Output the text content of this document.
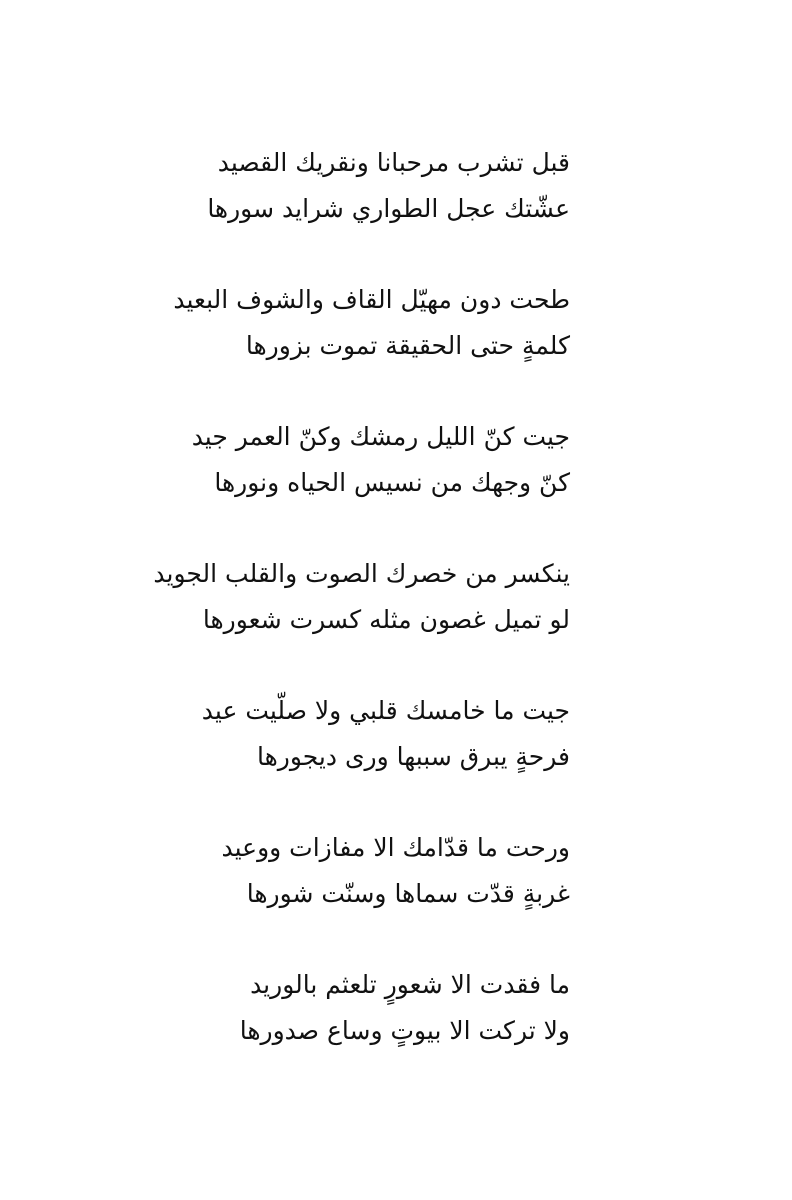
قبل تشرب مرحبانا ونقريك القصيد
عشّتك عجل الطواري شرايد سورها
طحت دون مهيّل القاف والشوف البعيد
كلمةٍ حتى الحقيقة تموت بزورها
جيت كنّ الليل رمشك وكنّ العمر جيد
كنّ وجهك من نسيس الحياه ونورها
ينكسر من خصرك الصوت والقلب الجويد
لو تميل غصون مثله كسرت شعورها
جيت ما خامسك قلبي ولا صلّيت عيد
فرحةٍ يبرق سببها ورى ديجورها
ورحت ما قدّامك الا مفازات ووعيد
غربةٍ قدّت سماها وسنّت شورها
ما فقدت الا شعورٍ تلعثم بالوريد
ولا تركت الا بيوتٍ وساع صدورها
